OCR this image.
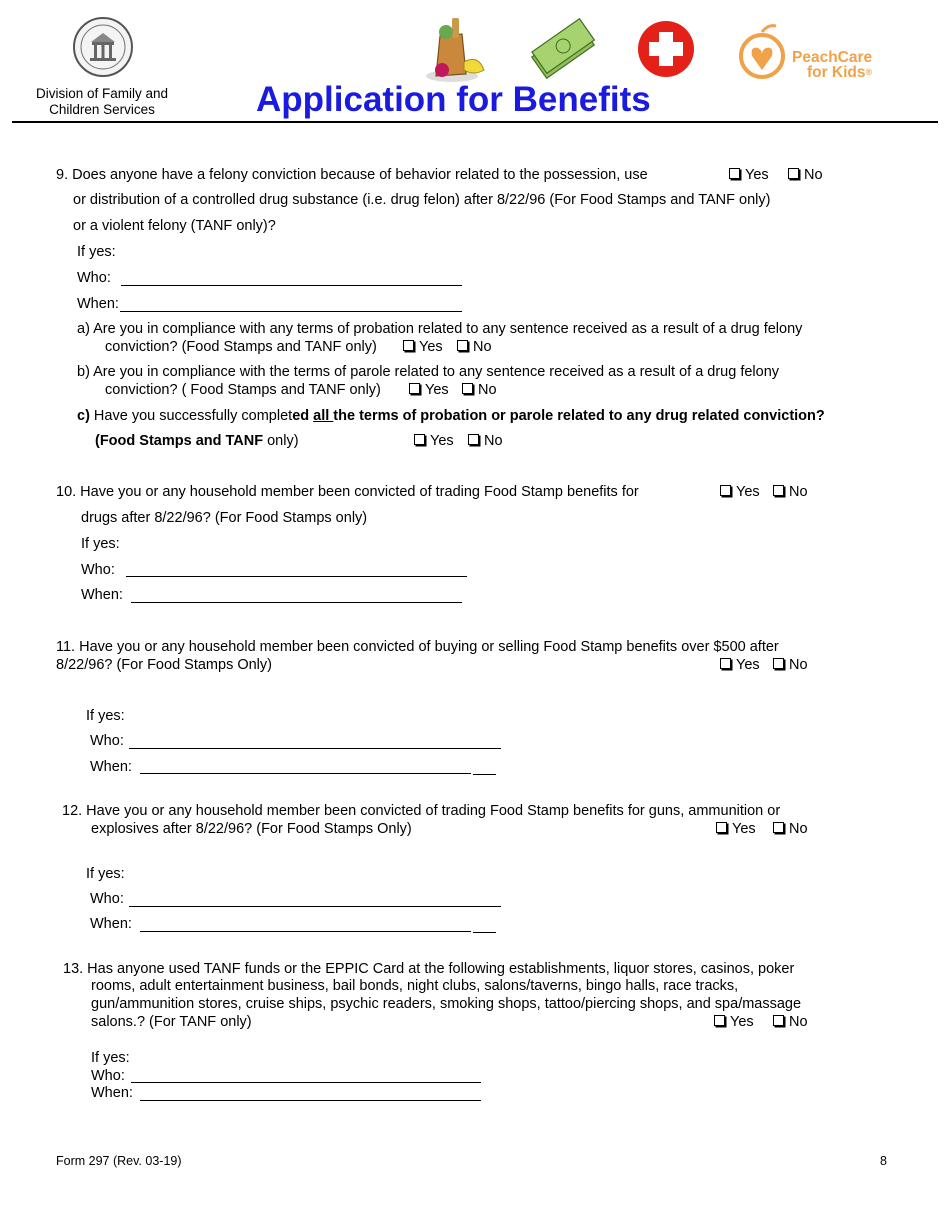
Division of Family and
Children Services
PeachCare
for Kids®
Application for Benefits
9. Does anyone have a felony conviction because of behavior related to the possession, use	Yes	No
or distribution of a controlled drug substance (i.e. drug felon) after 8/22/96 (For Food Stamps and TANF only)
or a violent felony (TANF only)?
If yes:
Who:
When:
a) Are you in compliance with any terms of probation related to any sentence received as a result of a drug felony
conviction? (Food Stamps and TANF only)	Yes	No
b) Are you in compliance with the terms of parole related to any sentence received as a result of a drug felony
conviction? ( Food Stamps and TANF only)	Yes	No
c) Have you successfully completed all the terms of probation or parole related to any drug related conviction?
(Food Stamps and TANF only)	Yes	No
10. Have you or any household member been convicted of trading Food Stamp benefits for	Yes	No
drugs after 8/22/96? (For Food Stamps only)
If yes:
Who:
When:
11. Have you or any household member been convicted of buying or selling Food Stamp benefits over $500 after
8/22/96? (For Food Stamps Only)	Yes	No
If yes:
Who:
When:
12. Have you or any household member been convicted of trading Food Stamp benefits for guns, ammunition or
explosives after 8/22/96? (For Food Stamps Only)	Yes	No
If yes:
Who:
When:
13. Has anyone used TANF funds or the EPPIC Card at the following establishments, liquor stores, casinos, poker
rooms, adult entertainment business, bail bonds, night clubs, salons/taverns, bingo halls, race tracks,
gun/ammunition stores, cruise ships, psychic readers, smoking shops, tattoo/piercing shops, and spa/massage
salons.? (For TANF only)	Yes	No
If yes:
Who:
When:
Form 297 (Rev. 03-19)	8
